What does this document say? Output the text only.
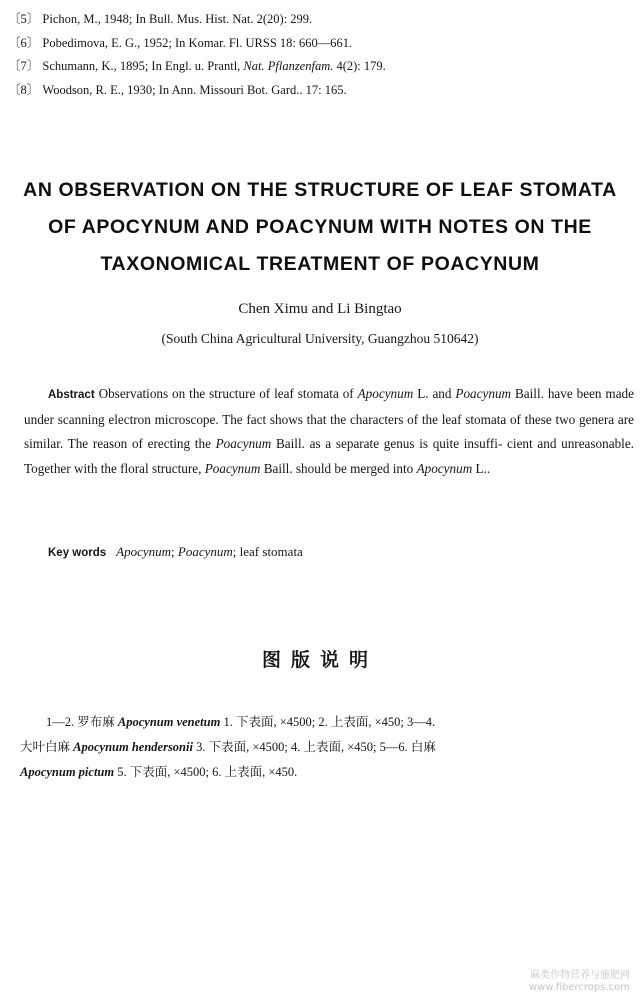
〔5〕 Pichon, M., 1948; In Bull. Mus. Hist. Nat. 2(20): 299.
〔6〕 Pobedimova, E. G., 1952; In Komar. Fl. URSS 18: 660—661.
〔7〕 Schumann, K., 1895; In Engl. u. Prantl, Nat. Pflanzenfam. 4(2): 179.
〔8〕 Woodson, R. E., 1930; In Ann. Missouri Bot. Gard.. 17: 165.
AN OBSERVATION ON THE STRUCTURE OF LEAF STOMATA
OF APOCYNUM AND POACYNUM WITH NOTES ON THE
TAXONOMICAL TREATMENT OF POACYNUM
Chen Ximu and Li Bingtao
(South China Agricultural University, Guangzhou 510642)
Abstract Observations on the structure of leaf stomata of Apocynum L. and Poacynum Baill. have been made under scanning electron microscope. The fact shows that the characters of the leaf stomata of these two genera are similar. The reason of erecting the Poacynum Baill. as a separate genus is quite insuffi- cient and unreasonable. Together with the floral structure, Poacynum Baill. should be merged into Apocynum L..
Key words Apocynum; Poacynum; leaf stomata
图版说明
1—2. 罗布麻 Apocynum venetum 1. 下表面, ×4500; 2. 上表面, ×450; 3—4.
大叶白麻 Apocynum hendersonii 3. 下表面, ×4500; 4. 上表面, ×450; 5—6. 白麻
Apocynum pictum 5. 下表面, ×4500; 6. 上表面, ×450.
麻类作物营养与施肥网
www.fibercrops.com
